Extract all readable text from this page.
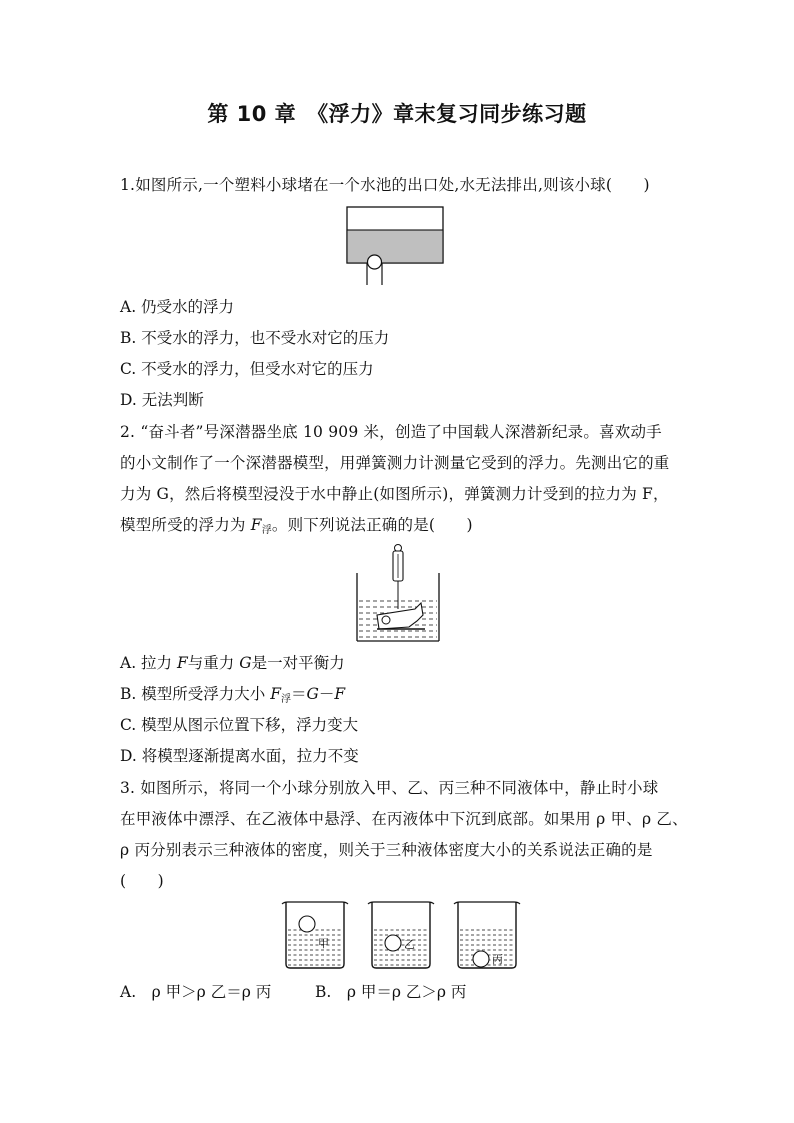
第 10 章　《浮力》章末复习同步练习题
1.如图所示,一个塑料小球堵在一个水池的出口处,水无法排出,则该小球(　　)
A. 仍受水的浮力
B. 不受水的浮力，也不受水对它的压力
C. 不受水的浮力，但受水对它的压力
D. 无法判断
2. “奋斗者”号深潜器坐底 10 909 米，创造了中国载人深潜新纪录。喜欢动手
的小文制作了一个深潜器模型，用弹簧测力计测量它受到的浮力。先测出它的重
力为 G，然后将模型浸没于水中静止(如图所示)，弹簧测力计受到的拉力为 F，
模型所受的浮力为 F浮。则下列说法正确的是(　　)
A. 拉力 F与重力 G是一对平衡力
B. 模型所受浮力大小 F浮＝G－F
C. 模型从图示位置下移，浮力变大
D. 将模型逐渐提离水面，拉力不变
3. 如图所示，将同一个小球分别放入甲、乙、丙三种不同液体中，静止时小球
在甲液体中漂浮、在乙液体中悬浮、在丙液体中下沉到底部。如果用 ρ 甲、ρ 乙、
ρ 丙分别表示三种液体的密度，则关于三种液体密度大小的关系说法正确的是
(　　)
甲	乙
丙
A.　ρ 甲＞ρ 乙＝ρ 丙	B.　ρ 甲＝ρ 乙＞ρ 丙
